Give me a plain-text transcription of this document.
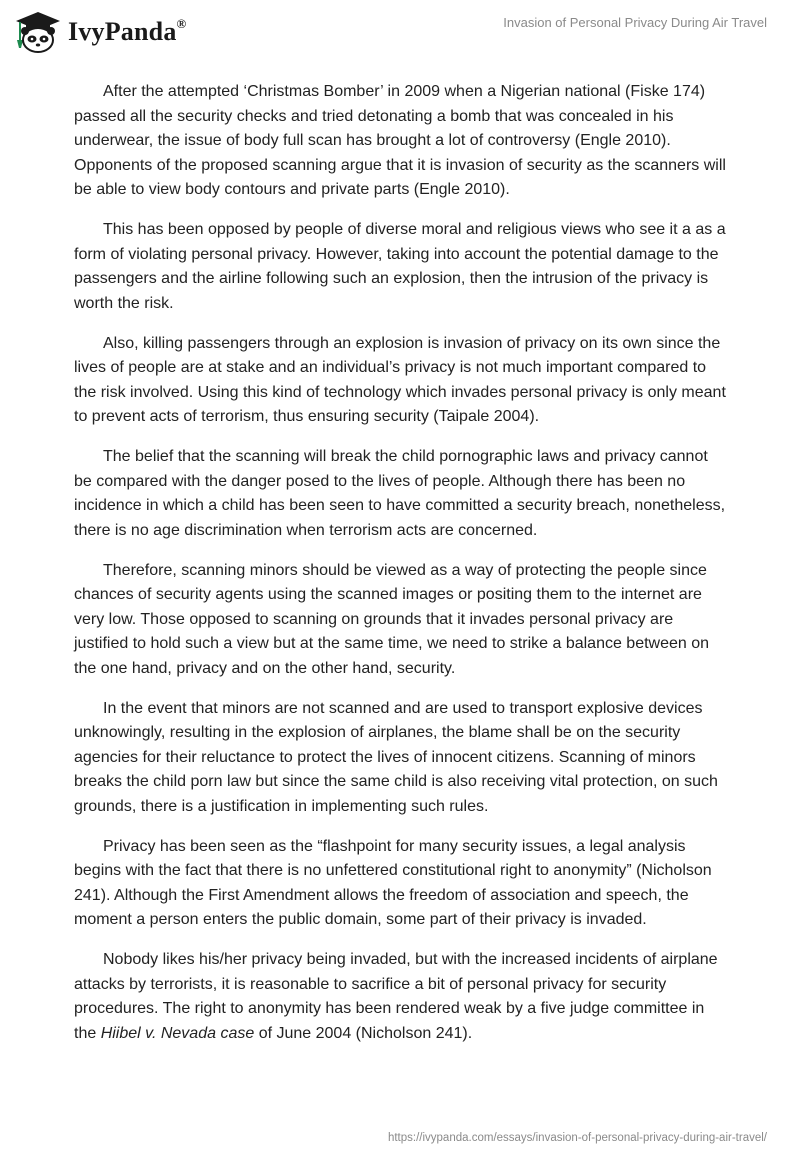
IvyPanda®	Invasion of Personal Privacy During Air Travel

After the attempted ‘Christmas Bomber’ in 2009 when a Nigerian national (Fiske 174) passed all the security checks and tried detonating a bomb that was concealed in his underwear, the issue of body full scan has brought a lot of controversy (Engle 2010). Opponents of the proposed scanning argue that it is invasion of security as the scanners will be able to view body contours and private parts (Engle 2010).

This has been opposed by people of diverse moral and religious views who see it a as a form of violating personal privacy. However, taking into account the potential damage to the passengers and the airline following such an explosion, then the intrusion of the privacy is worth the risk.

Also, killing passengers through an explosion is invasion of privacy on its own since the lives of people are at stake and an individual’s privacy is not much important compared to the risk involved. Using this kind of technology which invades personal privacy is only meant to prevent acts of terrorism, thus ensuring security (Taipale 2004).

The belief that the scanning will break the child pornographic laws and privacy cannot be compared with the danger posed to the lives of people. Although there has been no incidence in which a child has been seen to have committed a security breach, nonetheless, there is no age discrimination when terrorism acts are concerned.

Therefore, scanning minors should be viewed as a way of protecting the people since chances of security agents using the scanned images or positing them to the internet are very low. Those opposed to scanning on grounds that it invades personal privacy are justified to hold such a view but at the same time, we need to strike a balance between on the one hand, privacy and on the other hand, security.

In the event that minors are not scanned and are used to transport explosive devices unknowingly, resulting in the explosion of airplanes, the blame shall be on the security agencies for their reluctance to protect the lives of innocent citizens. Scanning of minors breaks the child porn law but since the same child is also receiving vital protection, on such grounds, there is a justification in implementing such rules.

Privacy has been seen as the “flashpoint for many security issues, a legal analysis begins with the fact that there is no unfettered constitutional right to anonymity” (Nicholson 241). Although the First Amendment allows the freedom of association and speech, the moment a person enters the public domain, some part of their privacy is invaded.

Nobody likes his/her privacy being invaded, but with the increased incidents of airplane attacks by terrorists, it is reasonable to sacrifice a bit of personal privacy for security procedures. The right to anonymity has been rendered weak by a five judge committee in the Hiibel v. Nevada case of June 2004 (Nicholson 241).

https://ivypanda.com/essays/invasion-of-personal-privacy-during-air-travel/
